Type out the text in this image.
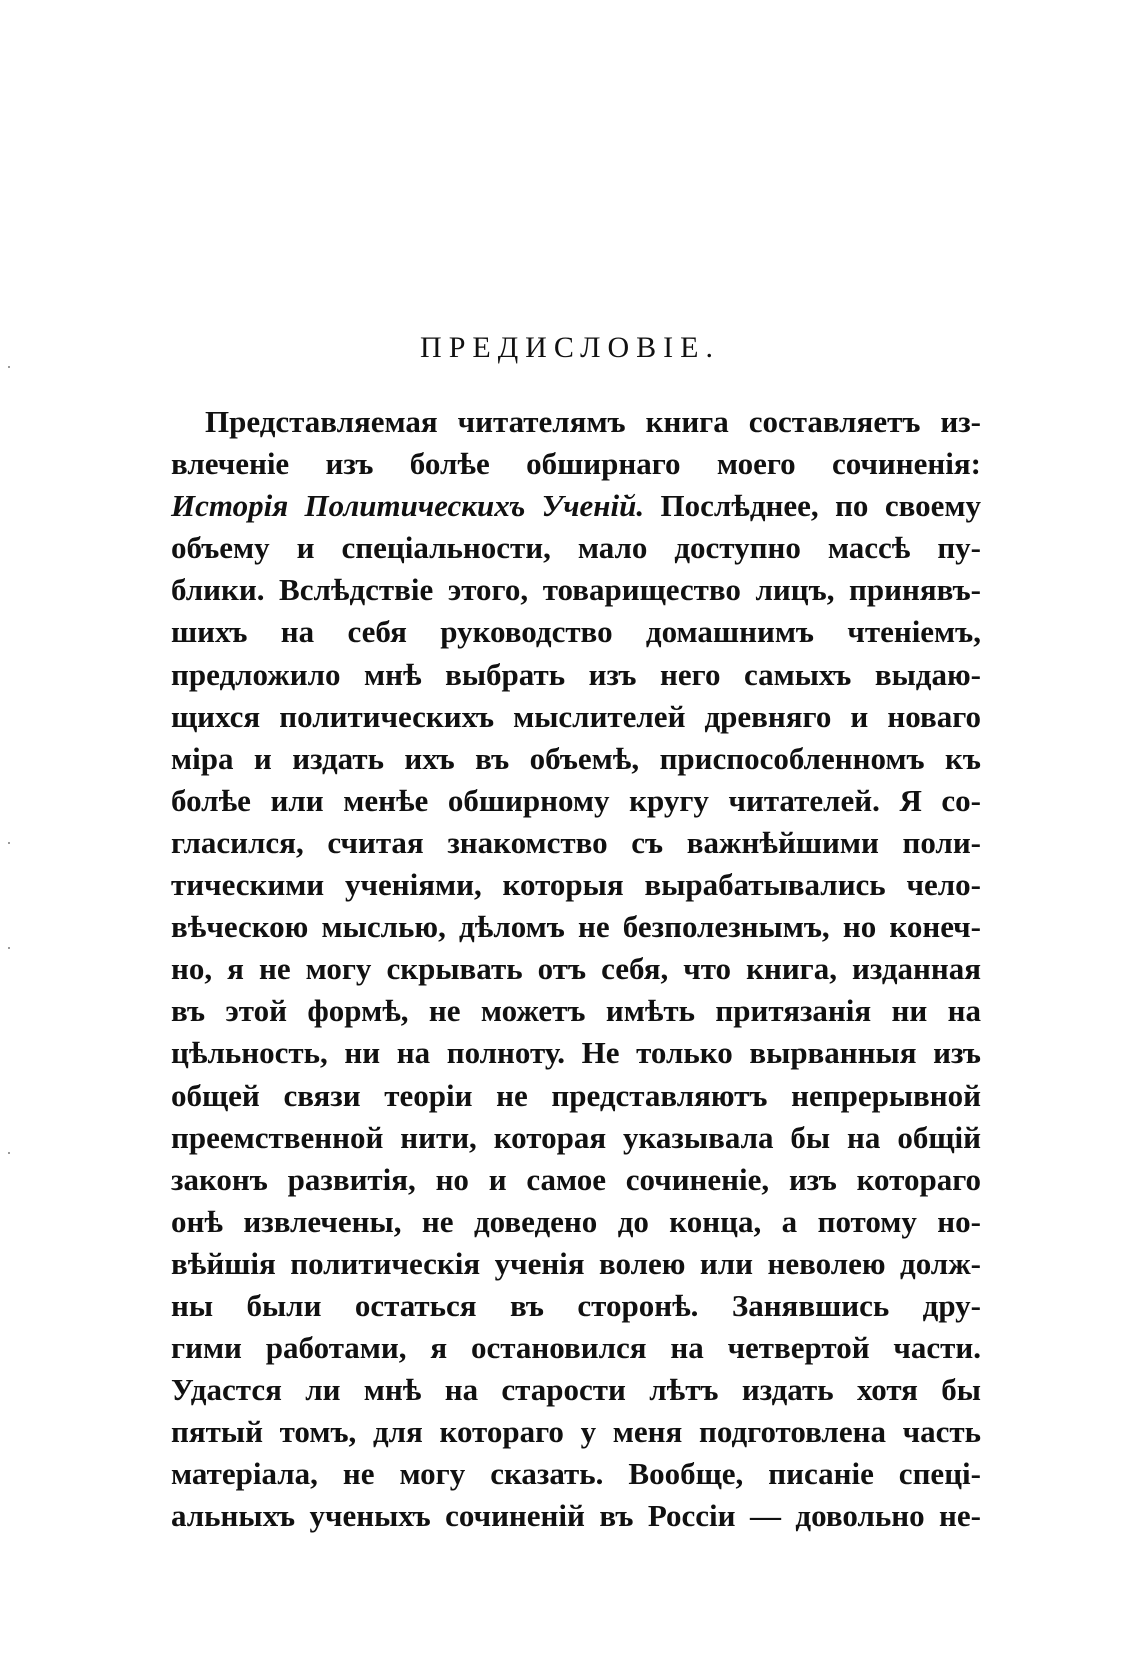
ПРЕДИСЛОВІЕ.
Представляемая читателямъ книга составляетъ из-
влеченіе изъ болѣе обширнаго моего сочиненія:
Исторія Политическихъ Ученій. Послѣднее, по своему
объему и спеціальности, мало доступно массѣ пу-
блики. Вслѣдствіе этого, товарищество лицъ, принявъ-
шихъ на себя руководство домашнимъ чтеніемъ,
предложило мнѣ выбрать изъ него самыхъ выдаю-
щихся политическихъ мыслителей древняго и новаго
міра и издать ихъ въ объемѣ, приспособленномъ къ
болѣе или менѣе обширному кругу читателей. Я со-
гласился, считая знакомство съ важнѣйшими поли-
тическими ученіями, которыя вырабатывались чело-
вѣческою мыслью, дѣломъ не безполезнымъ, но конеч-
но, я не могу скрывать отъ себя, что книга, изданная
въ этой формѣ, не можетъ имѣть притязанія ни на
цѣльность, ни на полноту. Не только вырванныя изъ
общей связи теоріи не представляютъ непрерывной
преемственной нити, которая указывала бы на общій
законъ развитія, но и самое сочиненіе, изъ котораго
онѣ извлечены, не доведено до конца, а потому но-
вѣйшія политическія ученія волею или неволею долж-
ны были остаться въ сторонѣ. Занявшись дру-
гими работами, я остановился на четвертой части.
Удастся ли мнѣ на старости лѣтъ издать хотя бы
пятый томъ, для котораго у меня подготовлена часть
матеріала, не могу сказать. Вообще, писаніе спеці-
альныхъ ученыхъ сочиненій въ Россіи — довольно не-
